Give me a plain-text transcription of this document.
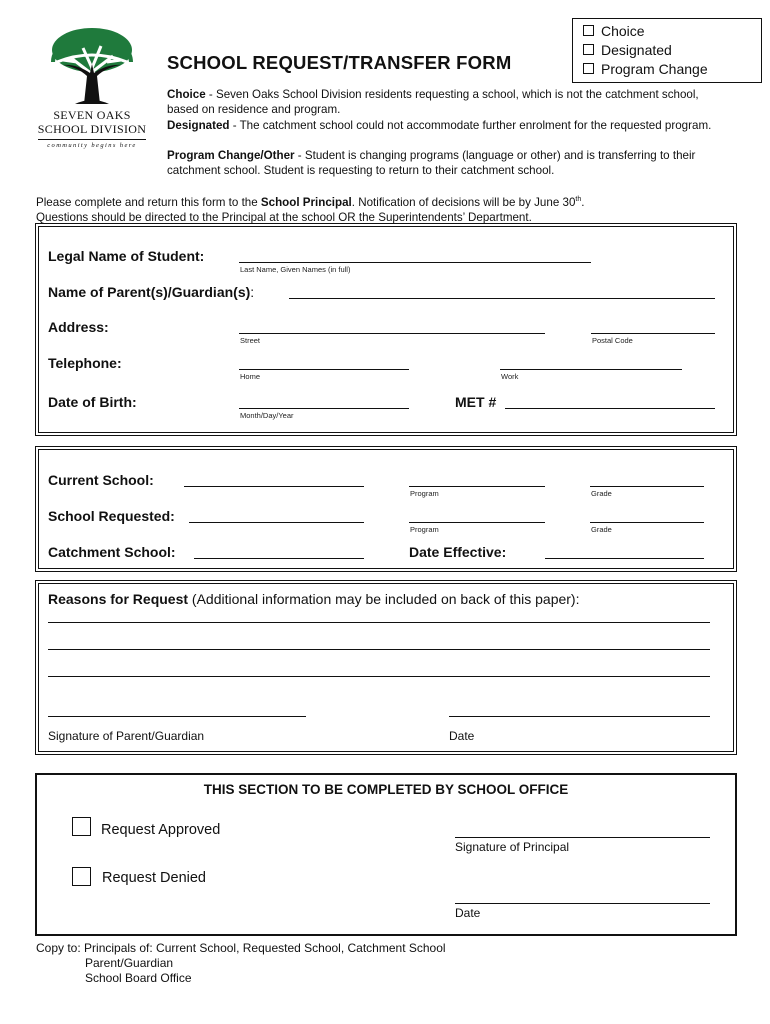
SEVEN OAKS
SCHOOL DIVISION
community begins here
SCHOOL REQUEST/TRANSFER FORM
Choice
Designated
Program Change
Choice - Seven Oaks School Division residents requesting a school, which is not the catchment school, based on residence and program.
Designated - The catchment school could not accommodate further enrolment for the requested program.
Program Change/Other - Student is changing programs (language or other) and is transferring to their catchment school. Student is requesting to return to their catchment school.
Please complete and return this form to the School Principal. Notification of decisions will be by June 30th.
Questions should be directed to the Principal at the school OR the Superintendents’ Department.
Legal Name of Student:
Last Name, Given Names (in full)
Name of Parent(s)/Guardian(s):
Address:
Street	Postal Code
Telephone:
Home	Work
Date of Birth:
Month/Day/Year
MET #
Current School:
Program	Grade
School Requested:
Program	Grade
Catchment School:	Date Effective:
Reasons for Request (Additional information may be included on back of this paper):
Signature of Parent/Guardian	Date
THIS SECTION TO BE COMPLETED BY SCHOOL OFFICE
Request Approved
Request Denied
Signature of Principal
Date
Copy to: Principals of: Current School, Requested School, Catchment School
Parent/Guardian
School Board Office
